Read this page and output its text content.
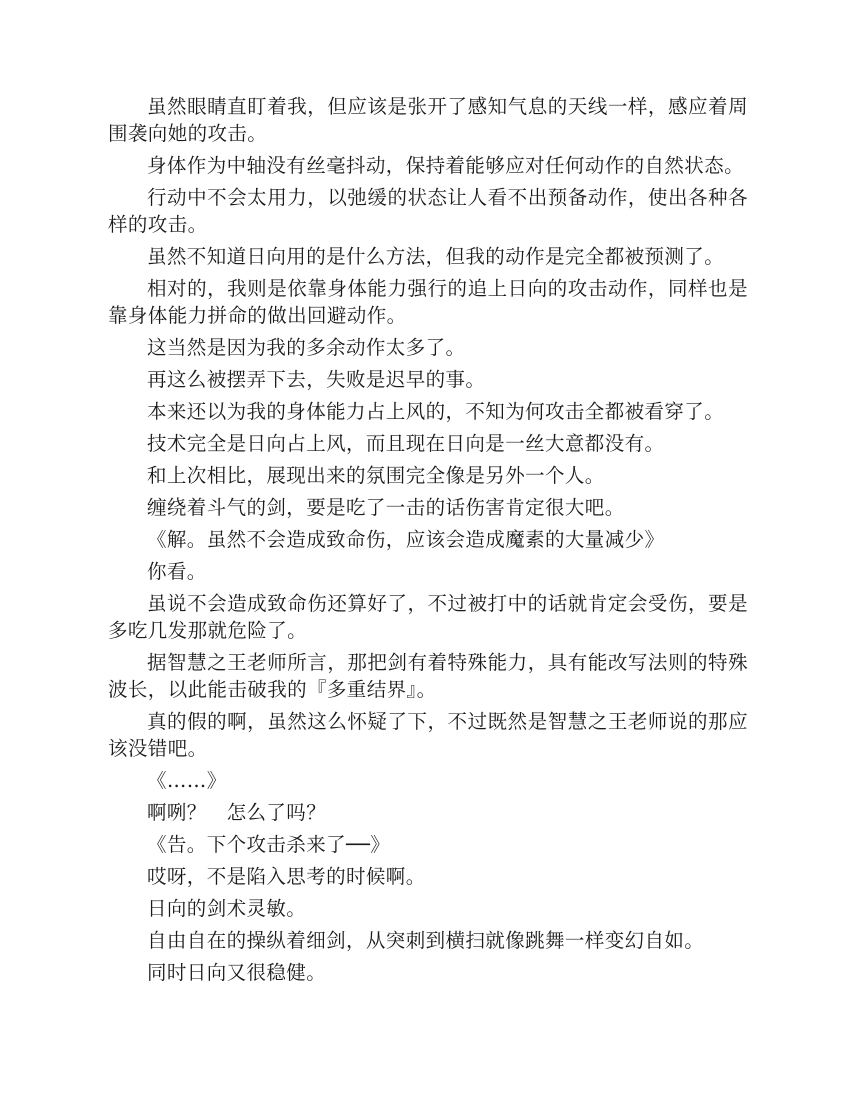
虽然眼睛直盯着我，但应该是张开了感知气息的天线一样，感应着周围袭向她的攻击。

身体作为中轴没有丝毫抖动，保持着能够应对任何动作的自然状态。

行动中不会太用力，以弛缓的状态让人看不出预备动作，使出各种各样的攻击。

虽然不知道日向用的是什么方法，但我的动作是完全都被预测了。

相对的，我则是依靠身体能力强行的追上日向的攻击动作，同样也是靠身体能力拼命的做出回避动作。

这当然是因为我的多余动作太多了。

再这么被摆弄下去，失败是迟早的事。

本来还以为我的身体能力占上风的，不知为何攻击全都被看穿了。

技术完全是日向占上风，而且现在日向是一丝大意都没有。

和上次相比，展现出来的氛围完全像是另外一个人。

缠绕着斗气的剑，要是吃了一击的话伤害肯定很大吧。

《解。虽然不会造成致命伤，应该会造成魔素的大量减少》

你看。

虽说不会造成致命伤还算好了，不过被打中的话就肯定会受伤，要是多吃几发那就危险了。

据智慧之王老师所言，那把剑有着特殊能力，具有能改写法则的特殊波长，以此能击破我的『多重结界』。

真的假的啊，虽然这么怀疑了下，不过既然是智慧之王老师说的那应该没错吧。

《……》

啊咧？　怎么了吗？

《告。下个攻击杀来了──》

哎呀，不是陷入思考的时候啊。

日向的剑术灵敏。

自由自在的操纵着细剑，从突刺到横扫就像跳舞一样变幻自如。

同时日向又很稳健。
